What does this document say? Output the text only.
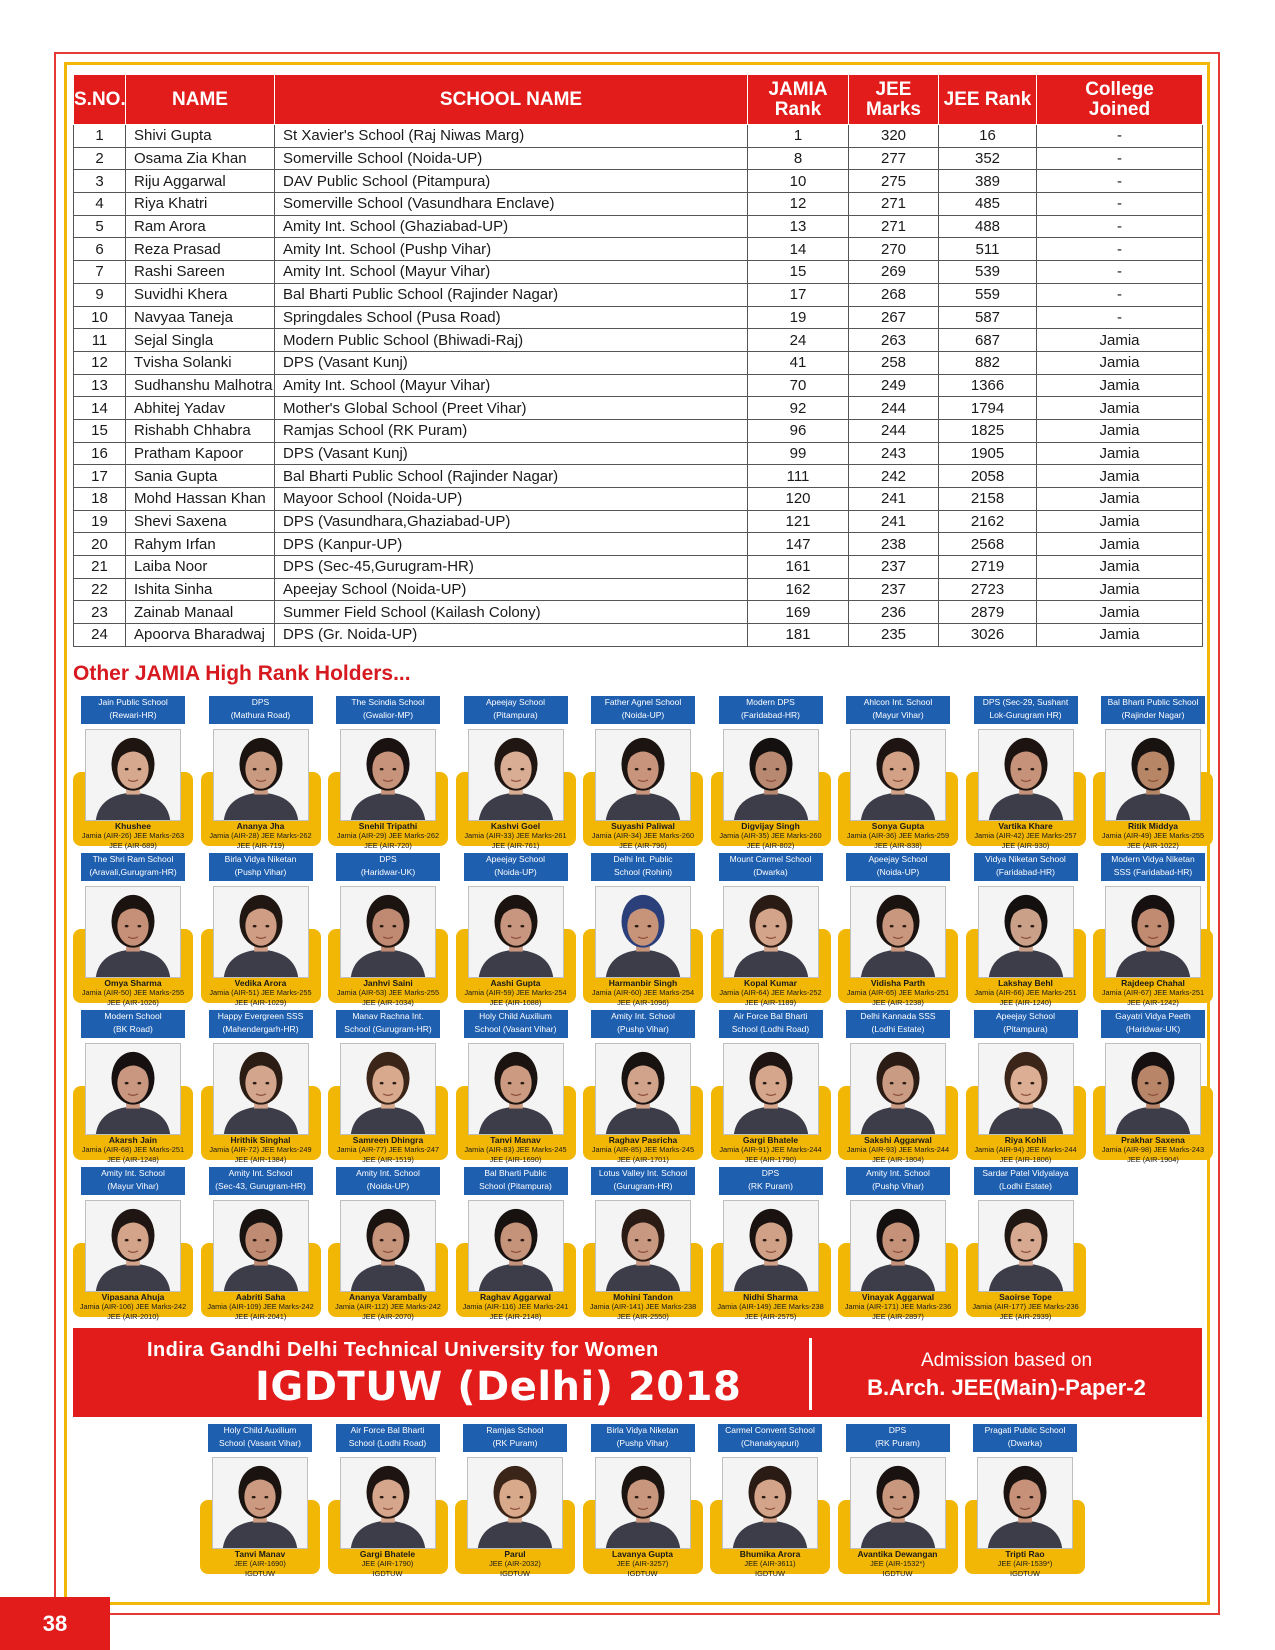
S.NO.	NAME	SCHOOL NAME	JAMIA Rank	JEE Marks	JEE Rank	College
Joined
1	Shivi Gupta	St Xavier's School (Raj Niwas Marg)	1	320	16	-
2	Osama Zia Khan	Somerville School (Noida-UP)	8	277	352	-
3	Riju Aggarwal	DAV Public School (Pitampura)	10	275	389	-
4	Riya Khatri	Somerville School (Vasundhara Enclave)	12	271	485	-
5	Ram Arora	Amity Int. School (Ghaziabad-UP)	13	271	488	-
6	Reza Prasad	Amity Int. School (Pushp Vihar)	14	270	511	-
7	Rashi Sareen	Amity Int. School (Mayur Vihar)	15	269	539	-
9	Suvidhi Khera	Bal Bharti Public School (Rajinder Nagar)	17	268	559	-
10	Navyaa Taneja	Springdales School (Pusa Road)	19	267	587	-
11	Sejal Singla	Modern Public School (Bhiwadi-Raj)	24	263	687	Jamia
12	Tvisha Solanki	DPS (Vasant Kunj)	41	258	882	Jamia
13	Sudhanshu Malhotra	Amity Int. School (Mayur Vihar)	70	249	1366	Jamia
14	Abhitej Yadav	Mother's Global School (Preet Vihar)	92	244	1794	Jamia
15	Rishabh Chhabra	Ramjas School (RK Puram)	96	244	1825	Jamia
16	Pratham Kapoor	DPS (Vasant Kunj)	99	243	1905	Jamia
17	Sania Gupta	Bal Bharti Public School (Rajinder Nagar)	111	242	2058	Jamia
18	Mohd Hassan Khan	Mayoor School (Noida-UP)	120	241	2158	Jamia
19	Shevi Saxena	DPS (Vasundhara,Ghaziabad-UP)	121	241	2162	Jamia
20	Rahym Irfan	DPS (Kanpur-UP)	147	238	2568	Jamia
21	Laiba Noor	DPS (Sec-45,Gurugram-HR)	161	237	2719	Jamia
22	Ishita Sinha	Apeejay School (Noida-UP)	162	237	2723	Jamia
23	Zainab Manaal	Summer Field School (Kailash Colony)	169	236	2879	Jamia
24	Apoorva Bharadwaj	DPS (Gr. Noida-UP)	181	235	3026	Jamia
Other JAMIA High Rank Holders...
Jain Public School
(Rewari-HR)
Khushee
Jamia (AIR-26) JEE Marks-263
JEE (AIR-689)
DPS
(Mathura Road)
Ananya Jha
Jamia (AIR-28) JEE Marks-262
JEE (AIR-719)
The Scindia School
(Gwalior-MP)
Snehil Tripathi
Jamia (AIR-29) JEE Marks-262
JEE (AIR-720)
Apeejay School
(Pitampura)
Kashvi Goel
Jamia (AIR-33) JEE Marks-261
JEE (AIR-761)
Father Agnel School
(Noida-UP)
Suyashi Paliwal
Jamia (AIR-34) JEE Marks-260
JEE (AIR-796)
Modern DPS
(Faridabad-HR)
Digvijay Singh
Jamia (AIR-35) JEE Marks-260
JEE (AIR-802)
Ahlcon Int. School
(Mayur Vihar)
Sonya Gupta
Jamia (AIR-36) JEE Marks-259
JEE (AIR-838)
DPS (Sec-29, Sushant
Lok-Gurugram HR)
Vartika Khare
Jamia (AIR-42) JEE Marks-257
JEE (AIR-930)
Bal Bharti Public School
(Rajinder Nagar)
Ritik Middya
Jamia (AIR-49) JEE Marks-255
JEE (AIR-1022)
The Shri Ram School
(Aravali,Gurugram-HR)
Omya Sharma
Jamia (AIR-50) JEE Marks-255
JEE (AIR-1026)
Birla Vidya Niketan
(Pushp Vihar)
Vedika Arora
Jamia (AIR-51) JEE Marks-255
JEE (AIR-1029)
DPS
(Haridwar-UK)
Janhvi Saini
Jamia (AIR-53) JEE Marks-255
JEE (AIR-1034)
Apeejay School
(Noida-UP)
Aashi Gupta
Jamia (AIR-59) JEE Marks-254
JEE (AIR-1088)
Delhi Int. Public
School (Rohini)
Harmanbir Singh
Jamia (AIR-60) JEE Marks-254
JEE (AIR-1096)
Mount Carmel School
(Dwarka)
Kopal Kumar
Jamia (AIR-64) JEE Marks-252
JEE (AIR-1189)
Apeejay School
(Noida-UP)
Vidisha Parth
Jamia (AIR-65) JEE Marks-251
JEE (AIR-1238)
Vidya Niketan School
(Faridabad-HR)
Lakshay Behl
Jamia (AIR-66) JEE Marks-251
JEE (AIR-1240)
Modern Vidya Niketan
SSS (Faridabad-HR)
Rajdeep Chahal
Jamia (AIR-67) JEE Marks-251
JEE (AIR-1242)
Modern School
(BK Road)
Akarsh Jain
Jamia (AIR-68) JEE Marks-251
JEE (AIR-1248)
Happy Evergreen SSS
(Mahendergarh-HR)
Hrithik Singhal
Jamia (AIR-72) JEE Marks-249
JEE (AIR-1384)
Manav Rachna Int.
School (Gurugram-HR)
Samreen Dhingra
Jamia (AIR-77) JEE Marks-247
JEE (AIR-1519)
Holy Child Auxilium
School (Vasant Vihar)
Tanvi Manav
Jamia (AIR-83) JEE Marks-245
JEE (AIR-1690)
Amity Int. School
(Pushp Vihar)
Raghav Pasricha
Jamia (AIR-85) JEE Marks-245
JEE (AIR-1701)
Air Force Bal Bharti
School (Lodhi Road)
Gargi Bhatele
Jamia (AIR-91) JEE Marks-244
JEE (AIR-1790)
Delhi Kannada SSS
(Lodhi Estate)
Sakshi Aggarwal
Jamia (AIR-93) JEE Marks-244
JEE (AIR-1804)
Apeejay School
(Pitampura)
Riya Kohli
Jamia (AIR-94) JEE Marks-244
JEE (AIR-1806)
Gayatri Vidya Peeth
(Haridwar-UK)
Prakhar Saxena
Jamia (AIR-98) JEE Marks-243
JEE (AIR-1904)
Amity Int. School
(Mayur Vihar)
Vipasana Ahuja
Jamia (AIR-106) JEE Marks-242
JEE (AIR-2010)
Amity Int. School
(Sec-43, Gurugram-HR)
Aabriti Saha
Jamia (AIR-109) JEE Marks-242
JEE (AIR-2041)
Amity Int. School
(Noida-UP)
Ananya Varambally
Jamia (AIR-112) JEE Marks-242
JEE (AIR-2070)
Bal Bharti Public
School (Pitampura)
Raghav Aggarwal
Jamia (AIR-116) JEE Marks-241
JEE (AIR-2148)
Lotus Valley Int. School
(Gurugram-HR)
Mohini Tandon
Jamia (AIR-141) JEE Marks-238
JEE (AIR-2550)
DPS
(RK Puram)
Nidhi Sharma
Jamia (AIR-149) JEE Marks-238
JEE (AIR-2575)
Amity Int. School
(Pushp Vihar)
Vinayak Aggarwal
Jamia (AIR-171) JEE Marks-236
JEE (AIR-2897)
Sardar Patel Vidyalaya
(Lodhi Estate)
Saoirse Tope
Jamia (AIR-177) JEE Marks-236
JEE (AIR-2939)
Indira Gandhi Delhi Technical University for Women
IGDTUW (Delhi) 2018
Admission based on
B.Arch. JEE(Main)-Paper-2
Holy Child Auxilium
School (Vasant Vihar)
Tanvi Manav
JEE (AIR-1690)
IGDTUW
Air Force Bal Bharti
School (Lodhi Road)
Gargi Bhatele
JEE (AIR-1790)
IGDTUW
Ramjas School
(RK Puram)
Parul
JEE (AIR-2032)
IGDTUW
Birla Vidya Niketan
(Pushp Vihar)
Lavanya Gupta
JEE (AIR-3257)
IGDTUW
Carmel Convent School
(Chanakyapuri)
Bhumika Arora
JEE (AIR-3611)
IGDTUW
DPS
(RK Puram)
Avantika Dewangan
JEE (AIR-1532*)
IGDTUW
Pragati Public School
(Dwarka)
Tripti Rao
JEE (AIR-1539*)
IGDTUW
38
